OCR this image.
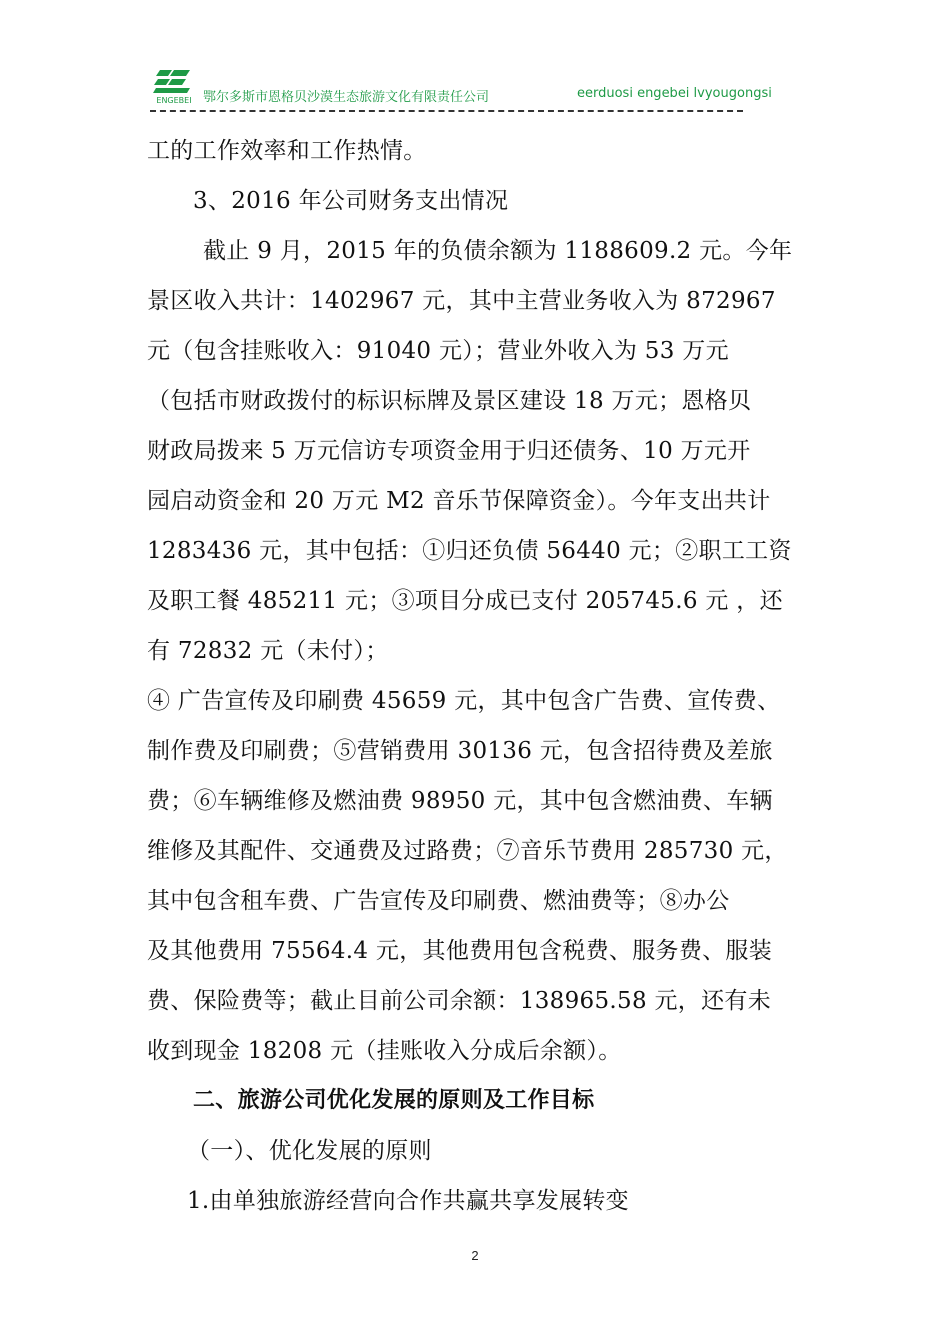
ENGEBEI 鄂尔多斯市恩格贝沙漠生态旅游文化有限责任公司	eerduosi engebei lvyougongsi
工的工作效率和工作热情。
3、2016 年公司财务支出情况
截止 9 月，2015 年的负债余额为 1188609.2 元。今年
景区收入共计：1402967 元，其中主营业务收入为 872967
元（包含挂账收入：91040 元）；营业外收入为 53 万元
（包括市财政拨付的标识标牌及景区建设 18 万元；恩格贝
财政局拨来 5 万元信访专项资金用于归还债务、10 万元开
园启动资金和 20 万元 M2 音乐节保障资金）。今年支出共计
1283436 元，其中包括：①归还负债 56440 元；②职工工资
及职工餐 485211 元；③项目分成已支付 205745.6 元 ，还
有 72832 元（未付）；
④ 广告宣传及印刷费 45659 元，其中包含广告费、宣传费、
制作费及印刷费；⑤营销费用 30136 元，包含招待费及差旅
费；⑥车辆维修及燃油费 98950 元，其中包含燃油费、车辆
维修及其配件、交通费及过路费；⑦音乐节费用 285730 元，
其中包含租车费、广告宣传及印刷费、燃油费等；⑧办公
及其他费用 75564.4 元，其他费用包含税费、服务费、服装
费、保险费等；截止目前公司余额：138965.58 元，还有未
收到现金 18208 元（挂账收入分成后余额）。
二、旅游公司优化发展的原则及工作目标
（一）、优化发展的原则
1.由单独旅游经营向合作共赢共享发展转变
2
